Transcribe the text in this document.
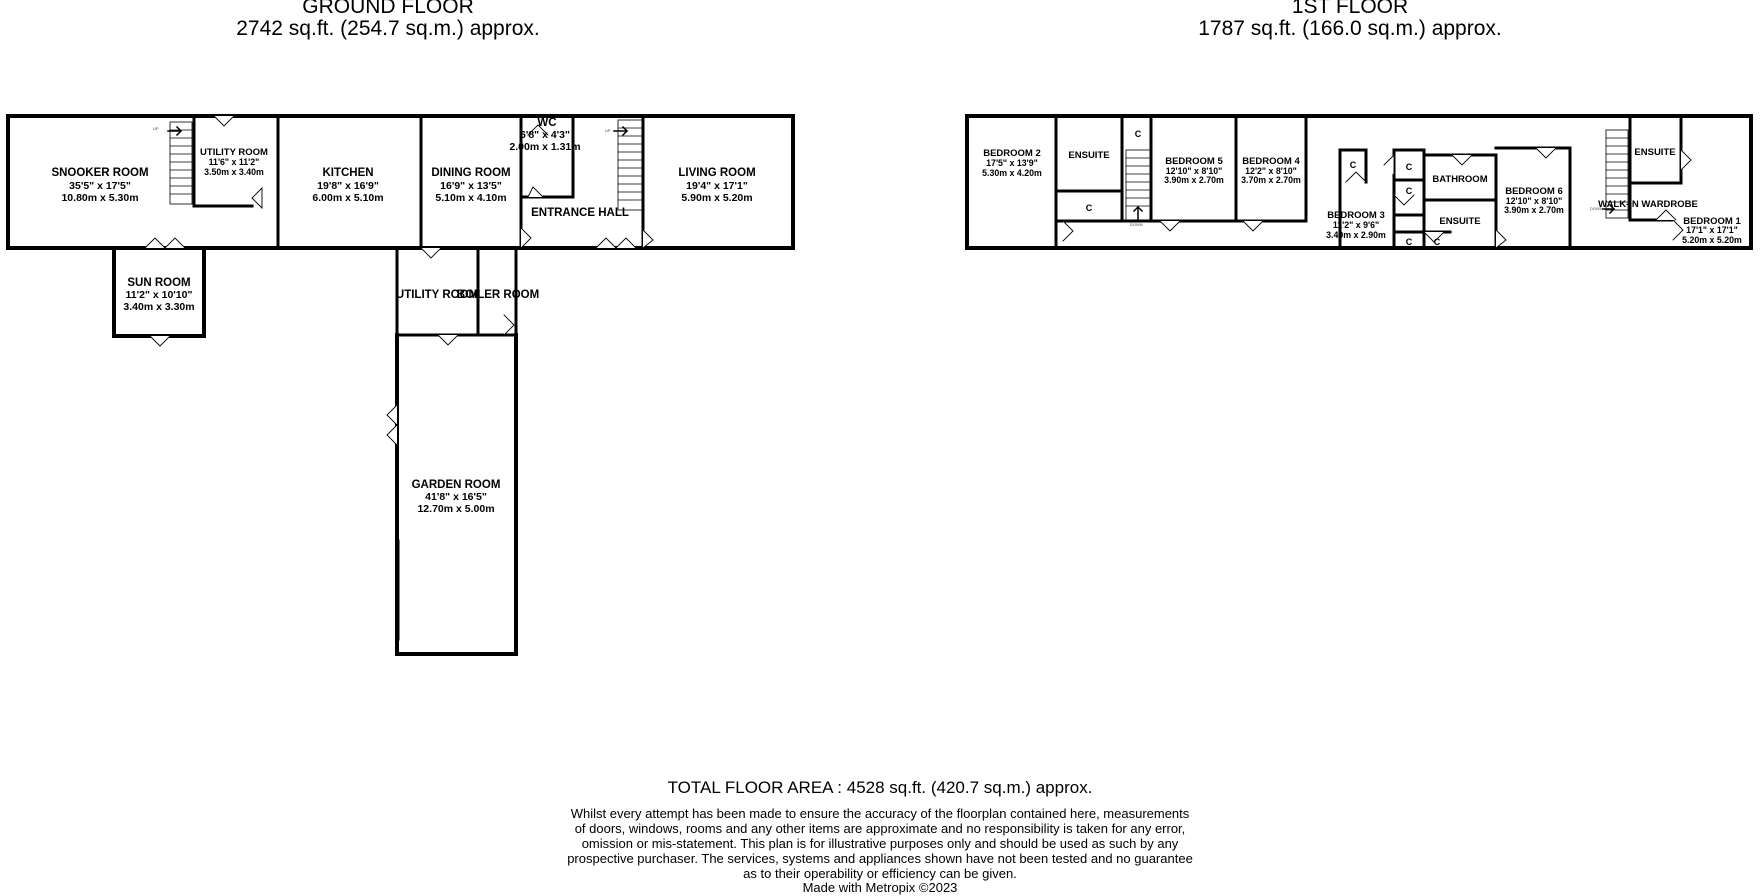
GROUND FLOOR
2742 sq.ft. (254.7 sq.m.) approx.
1ST FLOOR
1787 sq.ft. (166.0 sq.m.) approx.
UP	UP
DOWN
DOWN
SNOOKER ROOM
35'5" x 17'5"
10.80m x 5.30m
UTILITY ROOM
11'6" x 11'2"
3.50m x 3.40m	KITCHEN
19'8" x 16'9"
6.00m x 5.10m
DINING ROOM
16'9" x 13'5"
5.10m x 4.10m
WC
6'8" x 4'3"
2.00m x 1.31m
LIVING ROOM
19'4" x 17'1"
5.90m x 5.20m
ENTRANCE HALL
SUN ROOM
11'2" x 10'10"
3.40m x 3.30m
UTILITY ROOM
BOILER ROOM
GARDEN ROOM
41'8" x 16'5"
12.70m x 5.00m
BEDROOM 2
17'5" x 13'9"
5.30m x 4.20m
ENSUITE
BEDROOM 5
12'10" x 8'10"
3.90m x 2.70m
BEDROOM 4
12'2" x 8'10"
3.70m x 2.70m
BEDROOM 3
11'2" x 9'6"
3.40m x 2.90m
BATHROOM
ENSUITE
BEDROOM 6
12'10" x 8'10"
3.90m x 2.70m
ENSUITE
WALK-IN WARDROBE
BEDROOM 1
17'1" x 17'1"
5.20m x 5.20m
C
C
C	C
C
C C
TOTAL FLOOR AREA : 4528 sq.ft. (420.7 sq.m.) approx.
Whilst every attempt has been made to ensure the accuracy of the floorplan contained here, measurements
of doors, windows, rooms and any other items are approximate and no responsibility is taken for any error,
omission or mis-statement. This plan is for illustrative purposes only and should be used as such by any
prospective purchaser. The services, systems and appliances shown have not been tested and no guarantee
as to their operability or efficiency can be given.
Made with Metropix ©2023
